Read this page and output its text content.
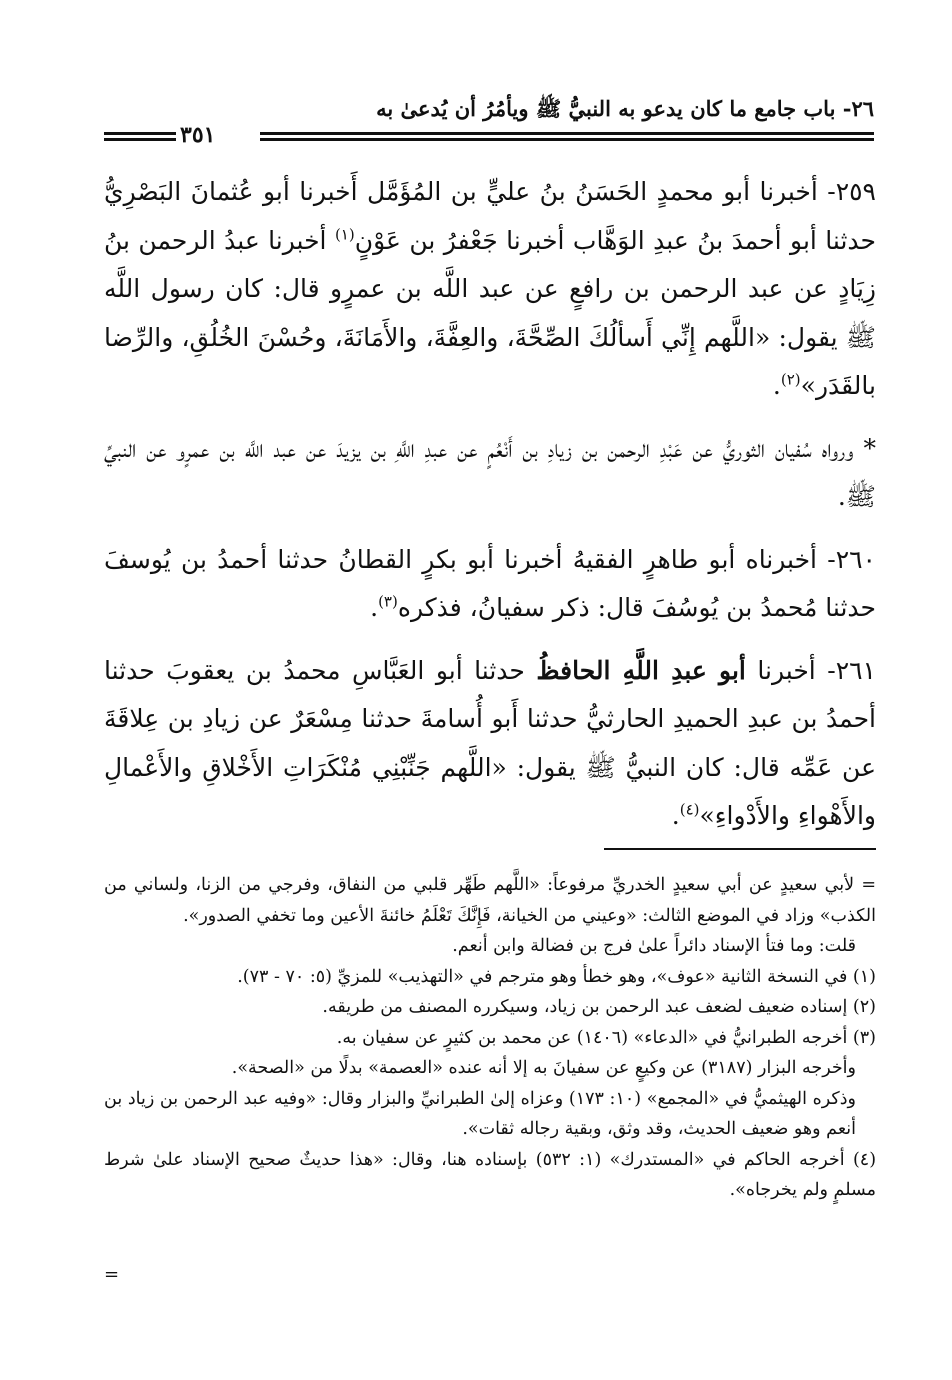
٢٦- باب جامع ما كان يدعو به النبيُّ ﷺ ويأمُرُ أن يُدعىٰ به
٣٥١

٢٥٩- أخبرنا أبو محمدٍ الحَسَنُ بنُ عليٍّ بن المُؤَمَّل أَخبرنا أبو عُثمانَ البَصْرِيُّ حدثنا أبو أحمدَ بنُ عبدِ الوَهَّاب أخبرنا جَعْفرُ بن عَوْنٍ$^{(١)}$ أخبرنا عبدُ الرحمن بنُ زِيَادٍ عن عبد الرحمن بن رافعٍ عن عبد اللَّه بن عمرٍو قال: كان رسول اللَّه ﷺ يقول: «اللَّهم إِنِّي أَسألُكَ الصِّحَّةَ، والعِفَّةَ، والأَمَانَةَ، وحُسْنَ الخُلُقِ، والرِّضا بالقَدَر»$^{(٢)}$.

* ورواه سُفيان الثوريُّ عن عَبْدِ الرحمن بن زيادِ بن أَنْعُمٍ عن عبدِ اللَّهِ بن يزيدَ عن عبد اللَّه بن عمرٍو عن النبيِّ ﷺ.

٢٦٠- أخبرناه أبو طاهرٍ الفقيهُ أخبرنا أبو بكرٍ القطانُ حدثنا أحمدُ بن يُوسفَ حدثنا مُحمدُ بن يُوسُفَ قال: ذكر سفيانُ، فذكره$^{(٣)}$.

٢٦١- أخبرنا أبو عبدِ اللَّهِ الحافظُ حدثنا أبو العَبَّاسِ محمدُ بن يعقوبَ حدثنا أحمدُ بن عبدِ الحميدِ الحارثيُّ حدثنا أَبو أُسامةَ حدثنا مِسْعَرٌ عن زيادِ بن عِلاقَةَ عن عَمِّه قال: كان النبيُّ ﷺ يقول: «اللَّهم جَنِّبْنِي مُنْكَرَاتِ الأَخْلاقِ والأَعْمالِ والأَهْواءِ والأَدْواءِ»$^{(٤)}$.

= لأبي سعيدٍ عن أبي سعيدٍ الخدريِّ مرفوعاً: «اللَّهم طَهِّر قلبي من النفاق، وفرجي من الزنا، ولساني من الكذب» وزاد في الموضع الثالث: «وعيني من الخيانة، فَإِنَّكَ تَعْلَمُ خائنةَ الأعين وما تخفي الصدور».

قلت: وما فتأ الإسناد دائراً علىٰ فرج بن فضالة وابن أنعم.

(١) في النسخة الثانية «عوف»، وهو خطأ وهو مترجم في «التهذيب» للمزيِّ (٥: ٧٠ - ٧٣).

(٢) إسناده ضعيف لضعف عبد الرحمن بن زياد، وسيكرره المصنف من طريقه.

(٣) أخرجه الطبرانيُّ في «الدعاء» (١٤٠٦) عن محمد بن كثيرٍ عن سفيان به.

وأخرجه البزار (٣١٨٧) عن وكيعٍ عن سفيانَ به إلا أنه عنده «العصمة» بدلًا من «الصحة».

وذكره الهيثميُّ في «المجمع» (١٠: ١٧٣) وعزاه إلىٰ الطبرانيِّ والبزار وقال: «وفيه عبد الرحمن بن زياد بن أنعم وهو ضعيف الحديث، وقد وثق، وبقية رجاله ثقات».

(٤) أخرجه الحاكم في «المستدرك» (١: ٥٣٢) بإسناده هنا، وقال: «هذا حديثٌ صحيح الإسناد علىٰ شرط مسلمٍ ولم يخرجاه».

=
